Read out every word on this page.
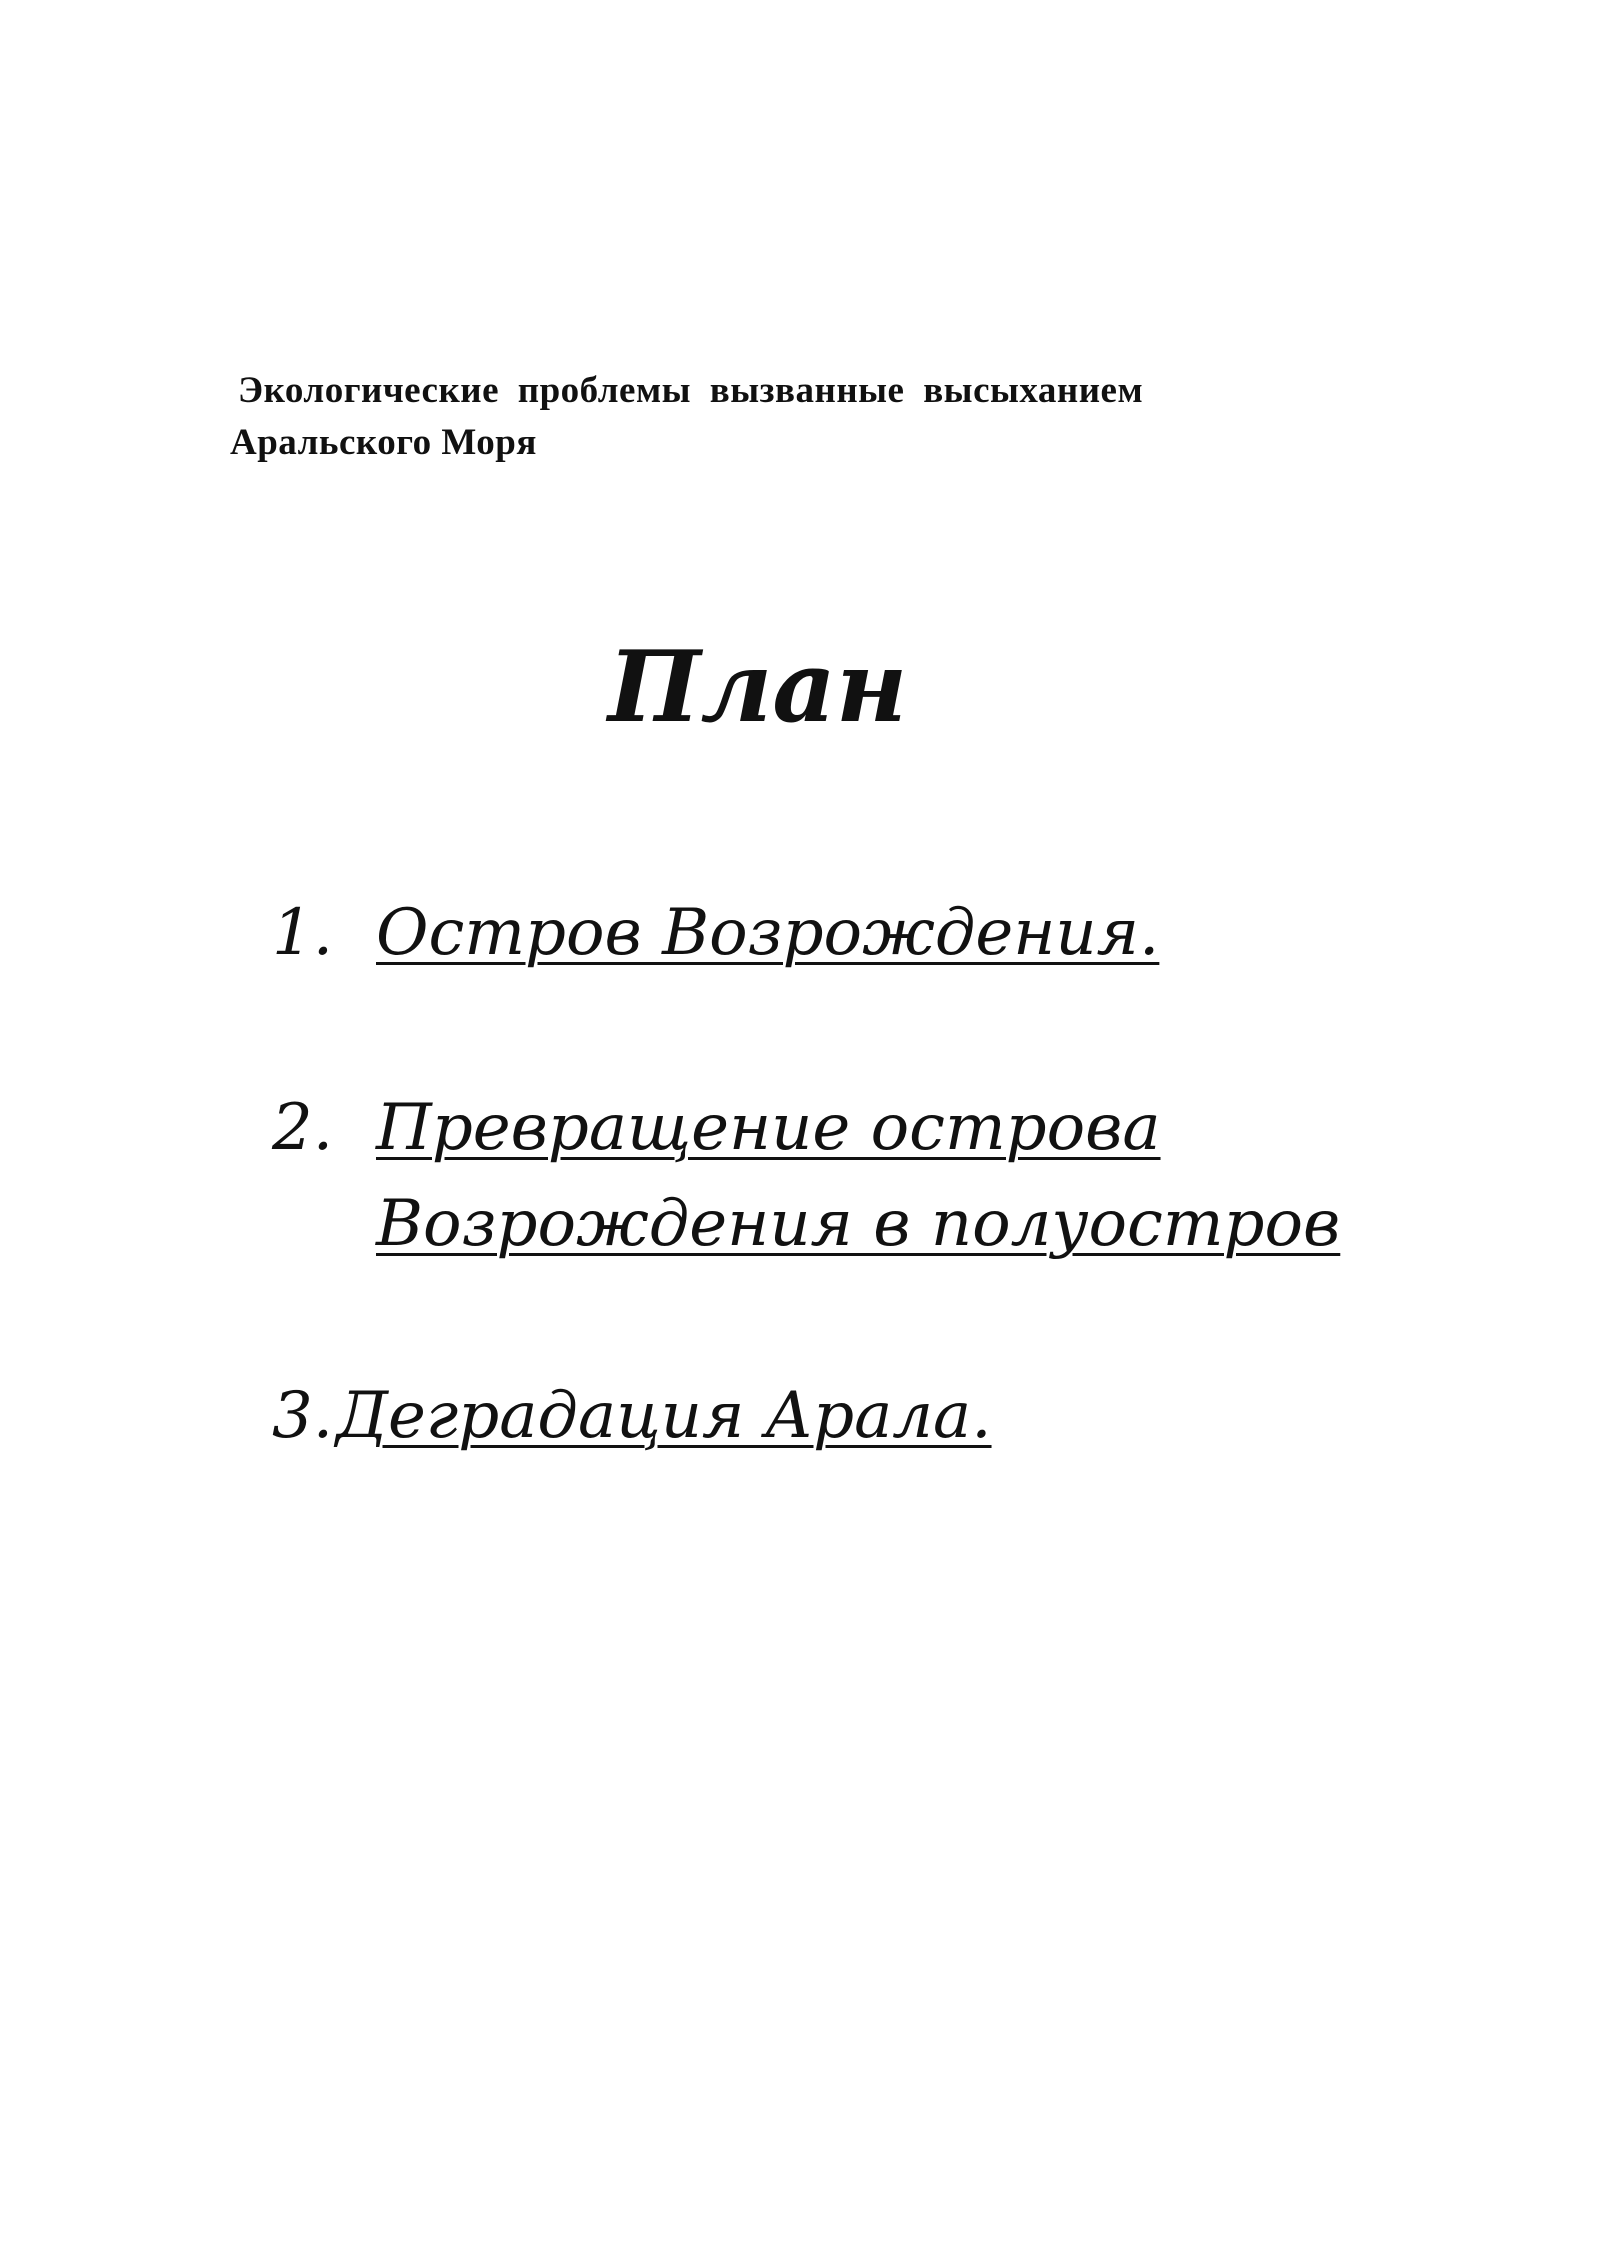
Экологические проблемы вызванные высыханием
Аральского Моря
План
1. Остров Возрождения.
2. Превращение острова
Возрождения в полуостров
3. Деградация Арала.
